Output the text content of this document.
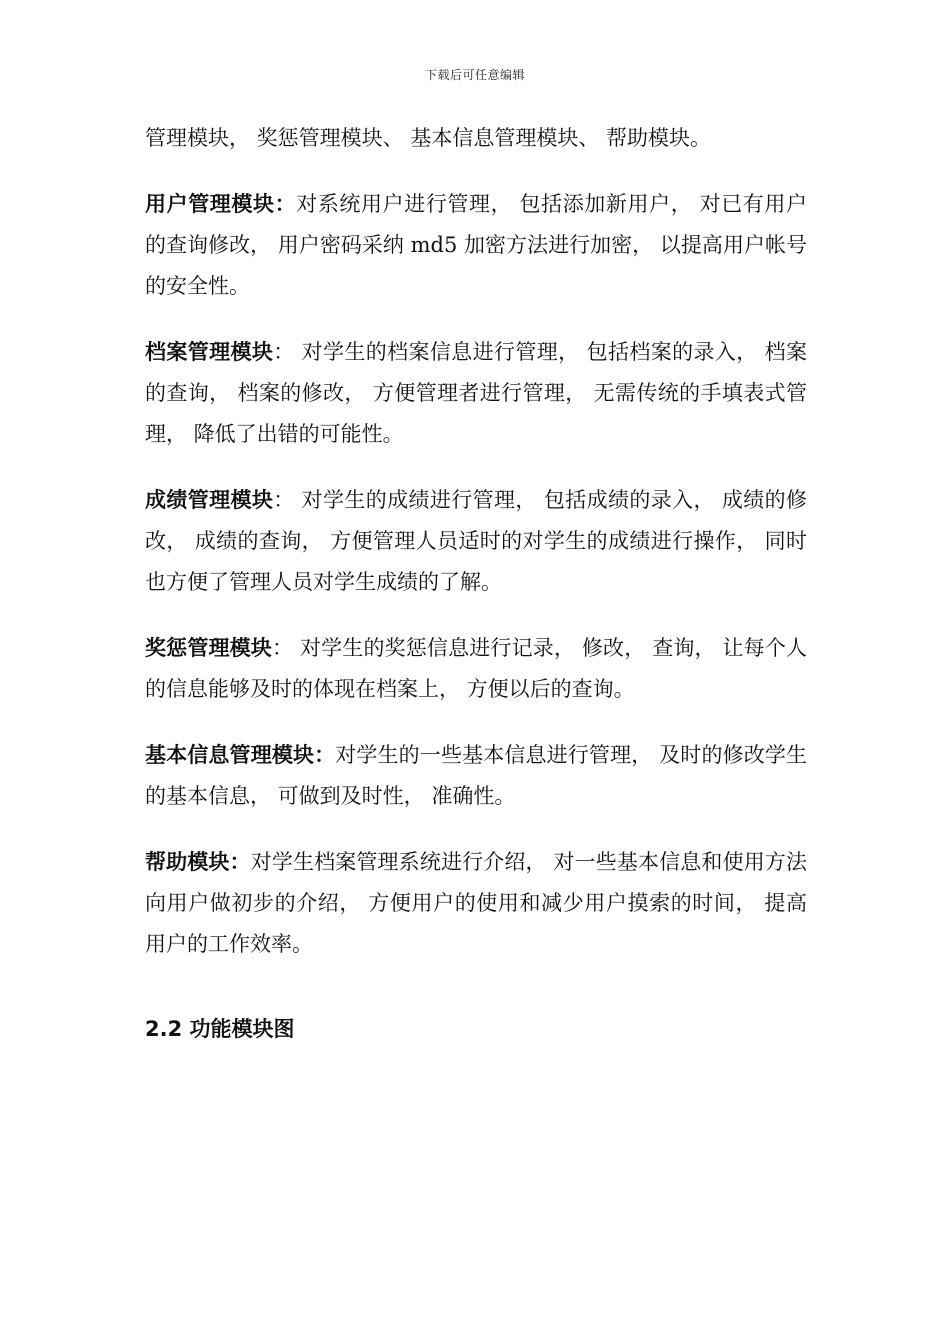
下载后可任意编辑

管理模块， 奖惩管理模块、 基本信息管理模块、 帮助模块。

用户管理模块：对系统用户进行管理， 包括添加新用户， 对已有用户的查询修改， 用户密码采纳 md5 加密方法进行加密， 以提高用户帐号的安全性。

档案管理模块： 对学生的档案信息进行管理， 包括档案的录入， 档案的查询， 档案的修改， 方便管理者进行管理， 无需传统的手填表式管理， 降低了出错的可能性。

成绩管理模块： 对学生的成绩进行管理， 包括成绩的录入， 成绩的修改， 成绩的查询， 方便管理人员适时的对学生的成绩进行操作， 同时也方便了管理人员对学生成绩的了解。

奖惩管理模块： 对学生的奖惩信息进行记录， 修改， 查询， 让每个人的信息能够及时的体现在档案上， 方便以后的查询。

基本信息管理模块：对学生的一些基本信息进行管理， 及时的修改学生的基本信息， 可做到及时性， 准确性。

帮助模块：对学生档案管理系统进行介绍， 对一些基本信息和使用方法向用户做初步的介绍， 方便用户的使用和减少用户摸索的时间， 提高用户的工作效率。

2.2 功能模块图
